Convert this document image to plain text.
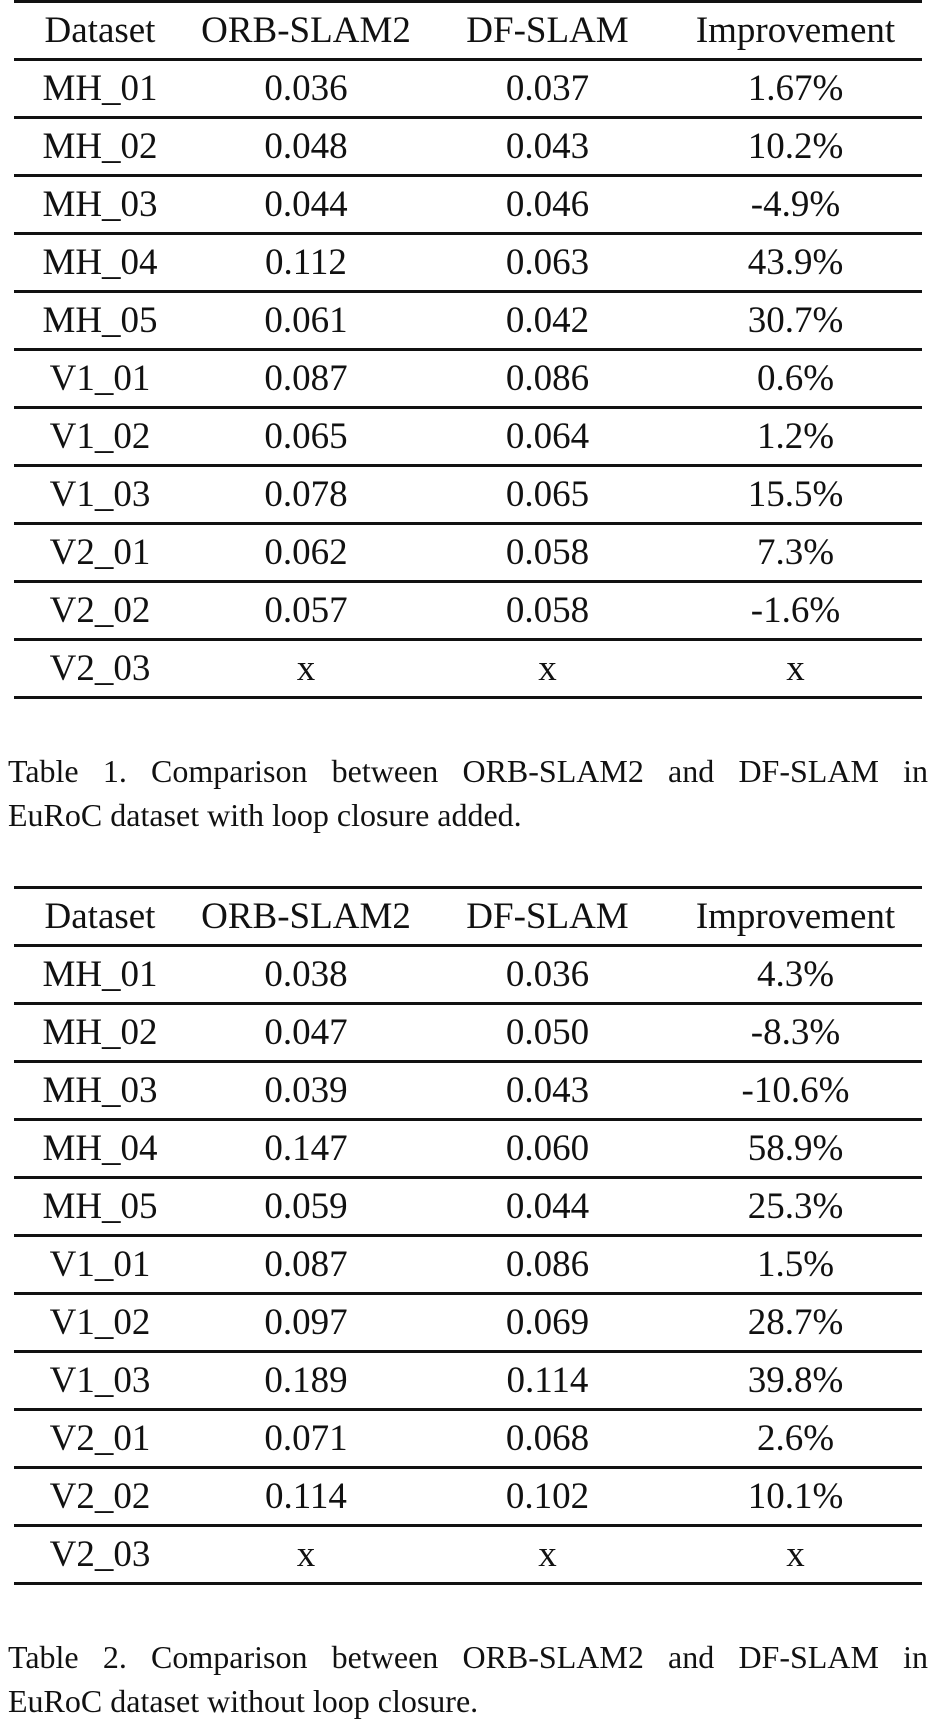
Dataset	ORB-SLAM2	DF-SLAM	Improvement
MH_01	0.036	0.037	1.67%
MH_02	0.048	0.043	10.2%
MH_03	0.044	0.046	-4.9%
MH_04	0.112	0.063	43.9%
MH_05	0.061	0.042	30.7%
V1_01	0.087	0.086	0.6%
V1_02	0.065	0.064	1.2%
V1_03	0.078	0.065	15.5%
V2_01	0.062	0.058	7.3%
V2_02	0.057	0.058	-1.6%
V2_03	x	x	x
Table 1. Comparison between ORB-SLAM2 and DF-SLAM in
EuRoC dataset with loop closure added.
Dataset	ORB-SLAM2	DF-SLAM	Improvement
MH_01	0.038	0.036	4.3%
MH_02	0.047	0.050	-8.3%
MH_03	0.039	0.043	-10.6%
MH_04	0.147	0.060	58.9%
MH_05	0.059	0.044	25.3%
V1_01	0.087	0.086	1.5%
V1_02	0.097	0.069	28.7%
V1_03	0.189	0.114	39.8%
V2_01	0.071	0.068	2.6%
V2_02	0.114	0.102	10.1%
V2_03	x	x	x
Table 2. Comparison between ORB-SLAM2 and DF-SLAM in
EuRoC dataset without loop closure.
